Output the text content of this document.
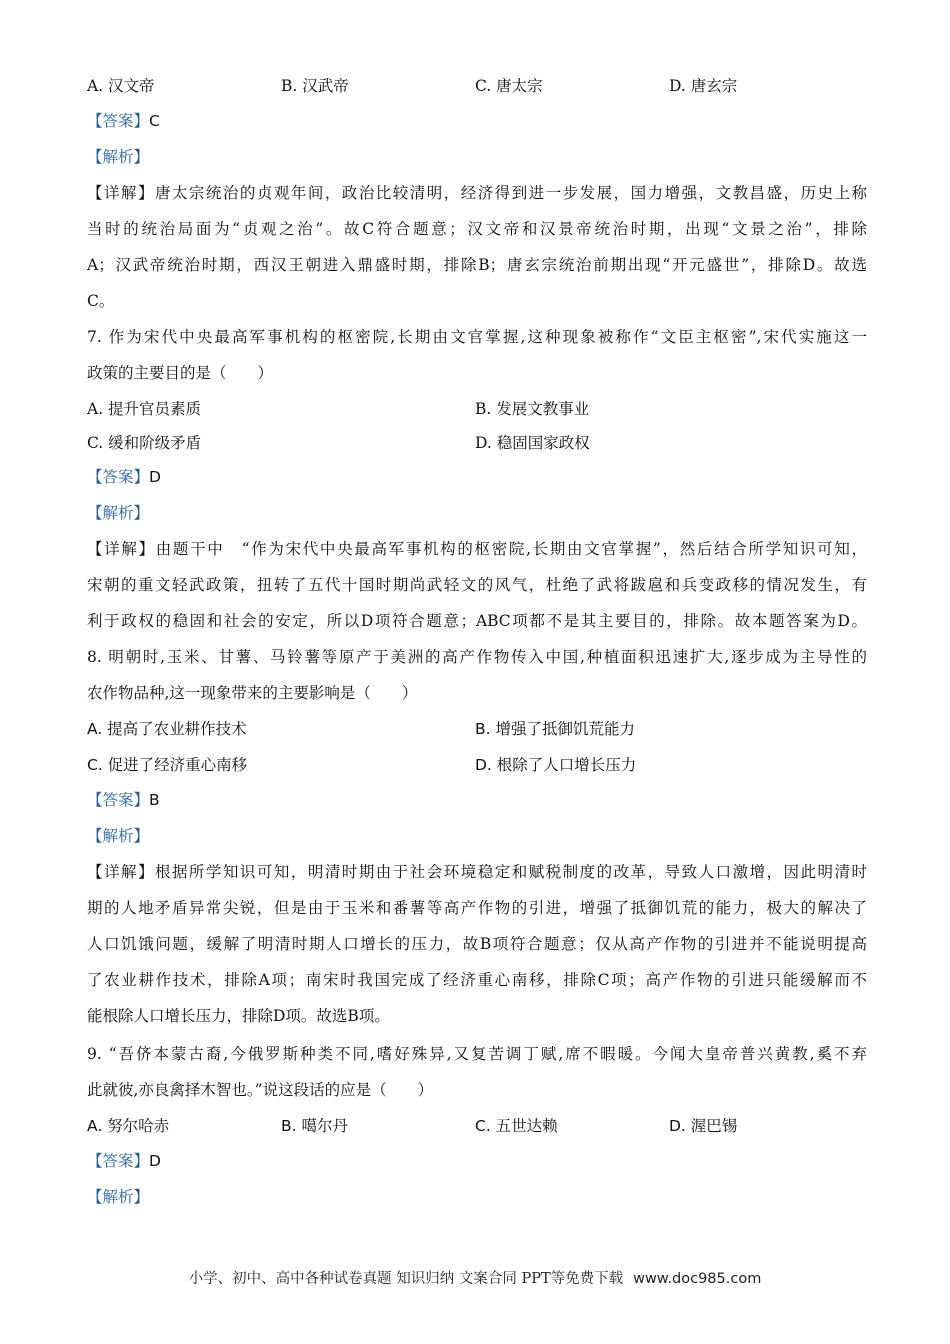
A. 汉文帝	B. 汉武帝	C. 唐太宗	D. 唐玄宗
【答案】C
【解析】
【详解】唐太宗统治的贞观年间，政治比较清明，经济得到进一步发展，国力增强，文教昌盛，历史上称
当时的统治局面为“贞观之治”。故C符合题意；汉文帝和汉景帝统治时期，出现“文景之治”，排除
A；汉武帝统治时期，西汉王朝进入鼎盛时期，排除B；唐玄宗统治前期出现“开元盛世”，排除D。故选
C。
7. 作为宋代中央最高军事机构的枢密院,长期由文官掌握,这种现象被称作“文臣主枢密”,宋代实施这一
政策的主要目的是（　　）
A. 提升官员素质	B. 发展文教事业
C. 缓和阶级矛盾	D. 稳固国家政权
【答案】D
【解析】
【详解】由题干中　“作为宋代中央最高军事机构的枢密院,长期由文官掌握”，然后结合所学知识可知，
宋朝的重文轻武政策，扭转了五代十国时期尚武轻文的风气，杜绝了武将跋扈和兵变政移的情况发生，有
利于政权的稳固和社会的安定，所以D项符合题意；ABC项都不是其主要目的，排除。故本题答案为D。
8. 明朝时,玉米、甘薯、马铃薯等原产于美洲的高产作物传入中国,种植面积迅速扩大,逐步成为主导性的
农作物品种,这一现象带来的主要影响是（　　）
A. 提高了农业耕作技术	B. 增强了抵御饥荒能力
C. 促进了经济重心南移	D. 根除了人口增长压力
【答案】B
【解析】
【详解】根据所学知识可知，明清时期由于社会环境稳定和赋税制度的改革，导致人口激增，因此明清时
期的人地矛盾异常尖锐，但是由于玉米和番薯等高产作物的引进，增强了抵御饥荒的能力，极大的解决了
人口饥饿问题，缓解了明清时期人口增长的压力，故B项符合题意；仅从高产作物的引进并不能说明提高
了农业耕作技术，排除A项；南宋时我国完成了经济重心南移，排除C项；高产作物的引进只能缓解而不
能根除人口增长压力，排除D项。故选B项。
9. “吾侪本蒙古裔,今俄罗斯种类不同,嗜好殊异,又复苦调丁赋,席不暇暖。今闻大皇帝普兴黄教,奚不弃
此就彼,亦良禽择木智也。”说这段话的应是（　　）
A. 努尔哈赤	B. 噶尔丹	C. 五世达赖	D. 渥巴锡
【答案】D
【解析】
小学、初中、高中各种试卷真题 知识归纳 文案合同 PPT等免费下载 www.doc985.com
